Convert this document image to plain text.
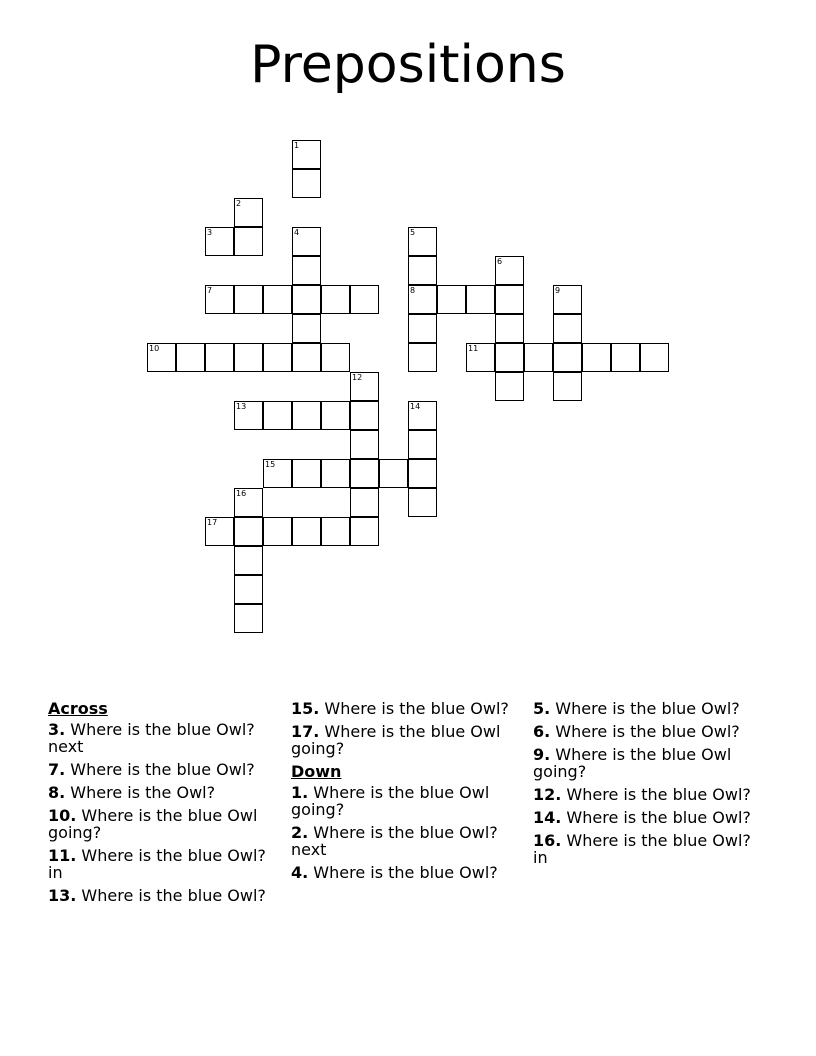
Prepositions
1
2
3	4	5
6
7	8	9
10	11
12
13	14
15
16
17
Across
3. Where is the blue Owl? next
7. Where is the blue Owl?
8. Where is the Owl?
10. Where is the blue Owl going?
11. Where is the blue Owl? in
13. Where is the blue Owl?
15. Where is the blue Owl?
17. Where is the blue Owl going?
Down
1. Where is the blue Owl going?
2. Where is the blue Owl? next
4. Where is the blue Owl?
5. Where is the blue Owl?
6. Where is the blue Owl?
9. Where is the blue Owl going?
12. Where is the blue Owl?
14. Where is the blue Owl?
16. Where is the blue Owl? in
